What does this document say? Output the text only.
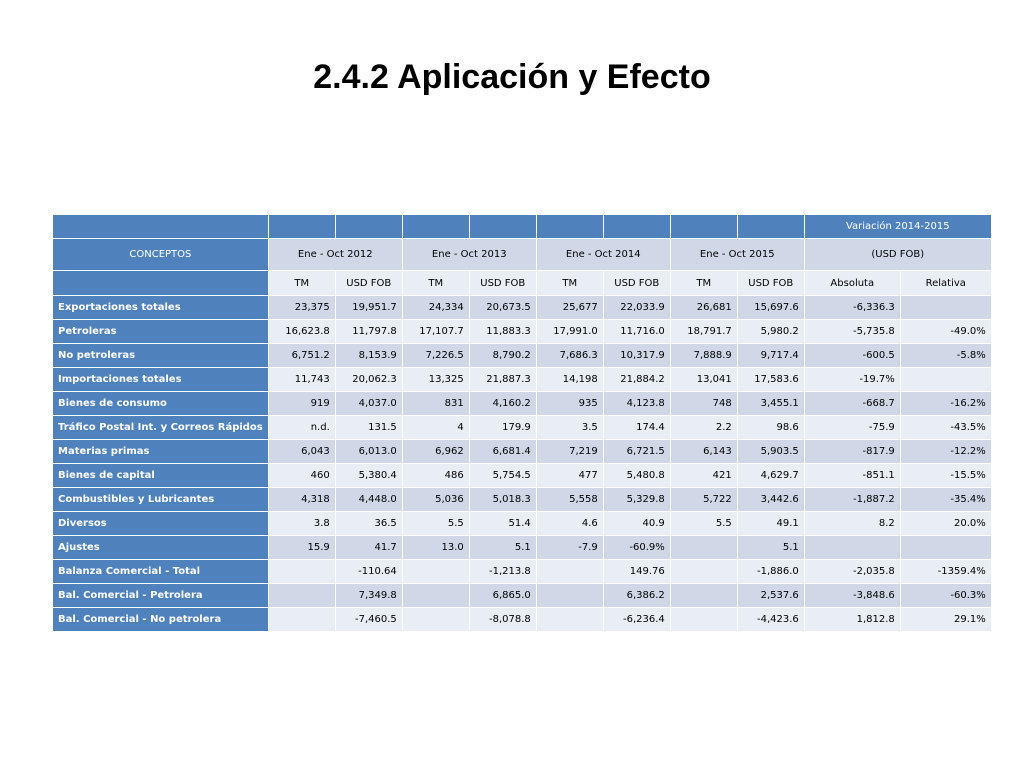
2.4.2 Aplicación y Efecto
									Variación 2014-2015	
CONCEPTOS	Ene - Oct 2012		Ene - Oct 2013		Ene - Oct 2014		Ene - Oct 2015		(USD FOB)	
	TM	USD FOB	TM	USD FOB	TM	USD FOB	TM	USD FOB	Absoluta	Relativa
Exportaciones totales	23,375	19,951.7	24,334	20,673.5	25,677	22,033.9	26,681	15,697.6	-6,336.3	
Petroleras	16,623.8	11,797.8	17,107.7	11,883.3	17,991.0	11,716.0	18,791.7	5,980.2	-5,735.8	-49.0%
No petroleras	6,751.2	8,153.9	7,226.5	8,790.2	7,686.3	10,317.9	7,888.9	9,717.4	-600.5	-5.8%
Importaciones totales	11,743	20,062.3	13,325	21,887.3	14,198	21,884.2	13,041	17,583.6	-19.7%	
Bienes de consumo	919	4,037.0	831	4,160.2	935	4,123.8	748	3,455.1	-668.7	-16.2%
Tráfico Postal Int. y Correos Rápidos	n.d.	131.5	4	179.9	3.5	174.4	2.2	98.6	-75.9	-43.5%
Materias primas	6,043	6,013.0	6,962	6,681.4	7,219	6,721.5	6,143	5,903.5	-817.9	-12.2%
Bienes de capital	460	5,380.4	486	5,754.5	477	5,480.8	421	4,629.7	-851.1	-15.5%
Combustibles y Lubricantes	4,318	4,448.0	5,036	5,018.3	5,558	5,329.8	5,722	3,442.6	-1,887.2	-35.4%
Diversos	3.8	36.5	5.5	51.4	4.6	40.9	5.5	49.1	8.2	20.0%
Ajustes	15.9	41.7	13.0	5.1	-7.9	-60.9%		5.1		
Balanza Comercial - Total		-110.64		-1,213.8		149.76		-1,886.0	-2,035.8	-1359.4%
Bal. Comercial - Petrolera		7,349.8		6,865.0		6,386.2		2,537.6	-3,848.6	-60.3%
Bal. Comercial - No petrolera		-7,460.5		-8,078.8		-6,236.4		-4,423.6	1,812.8	29.1%
